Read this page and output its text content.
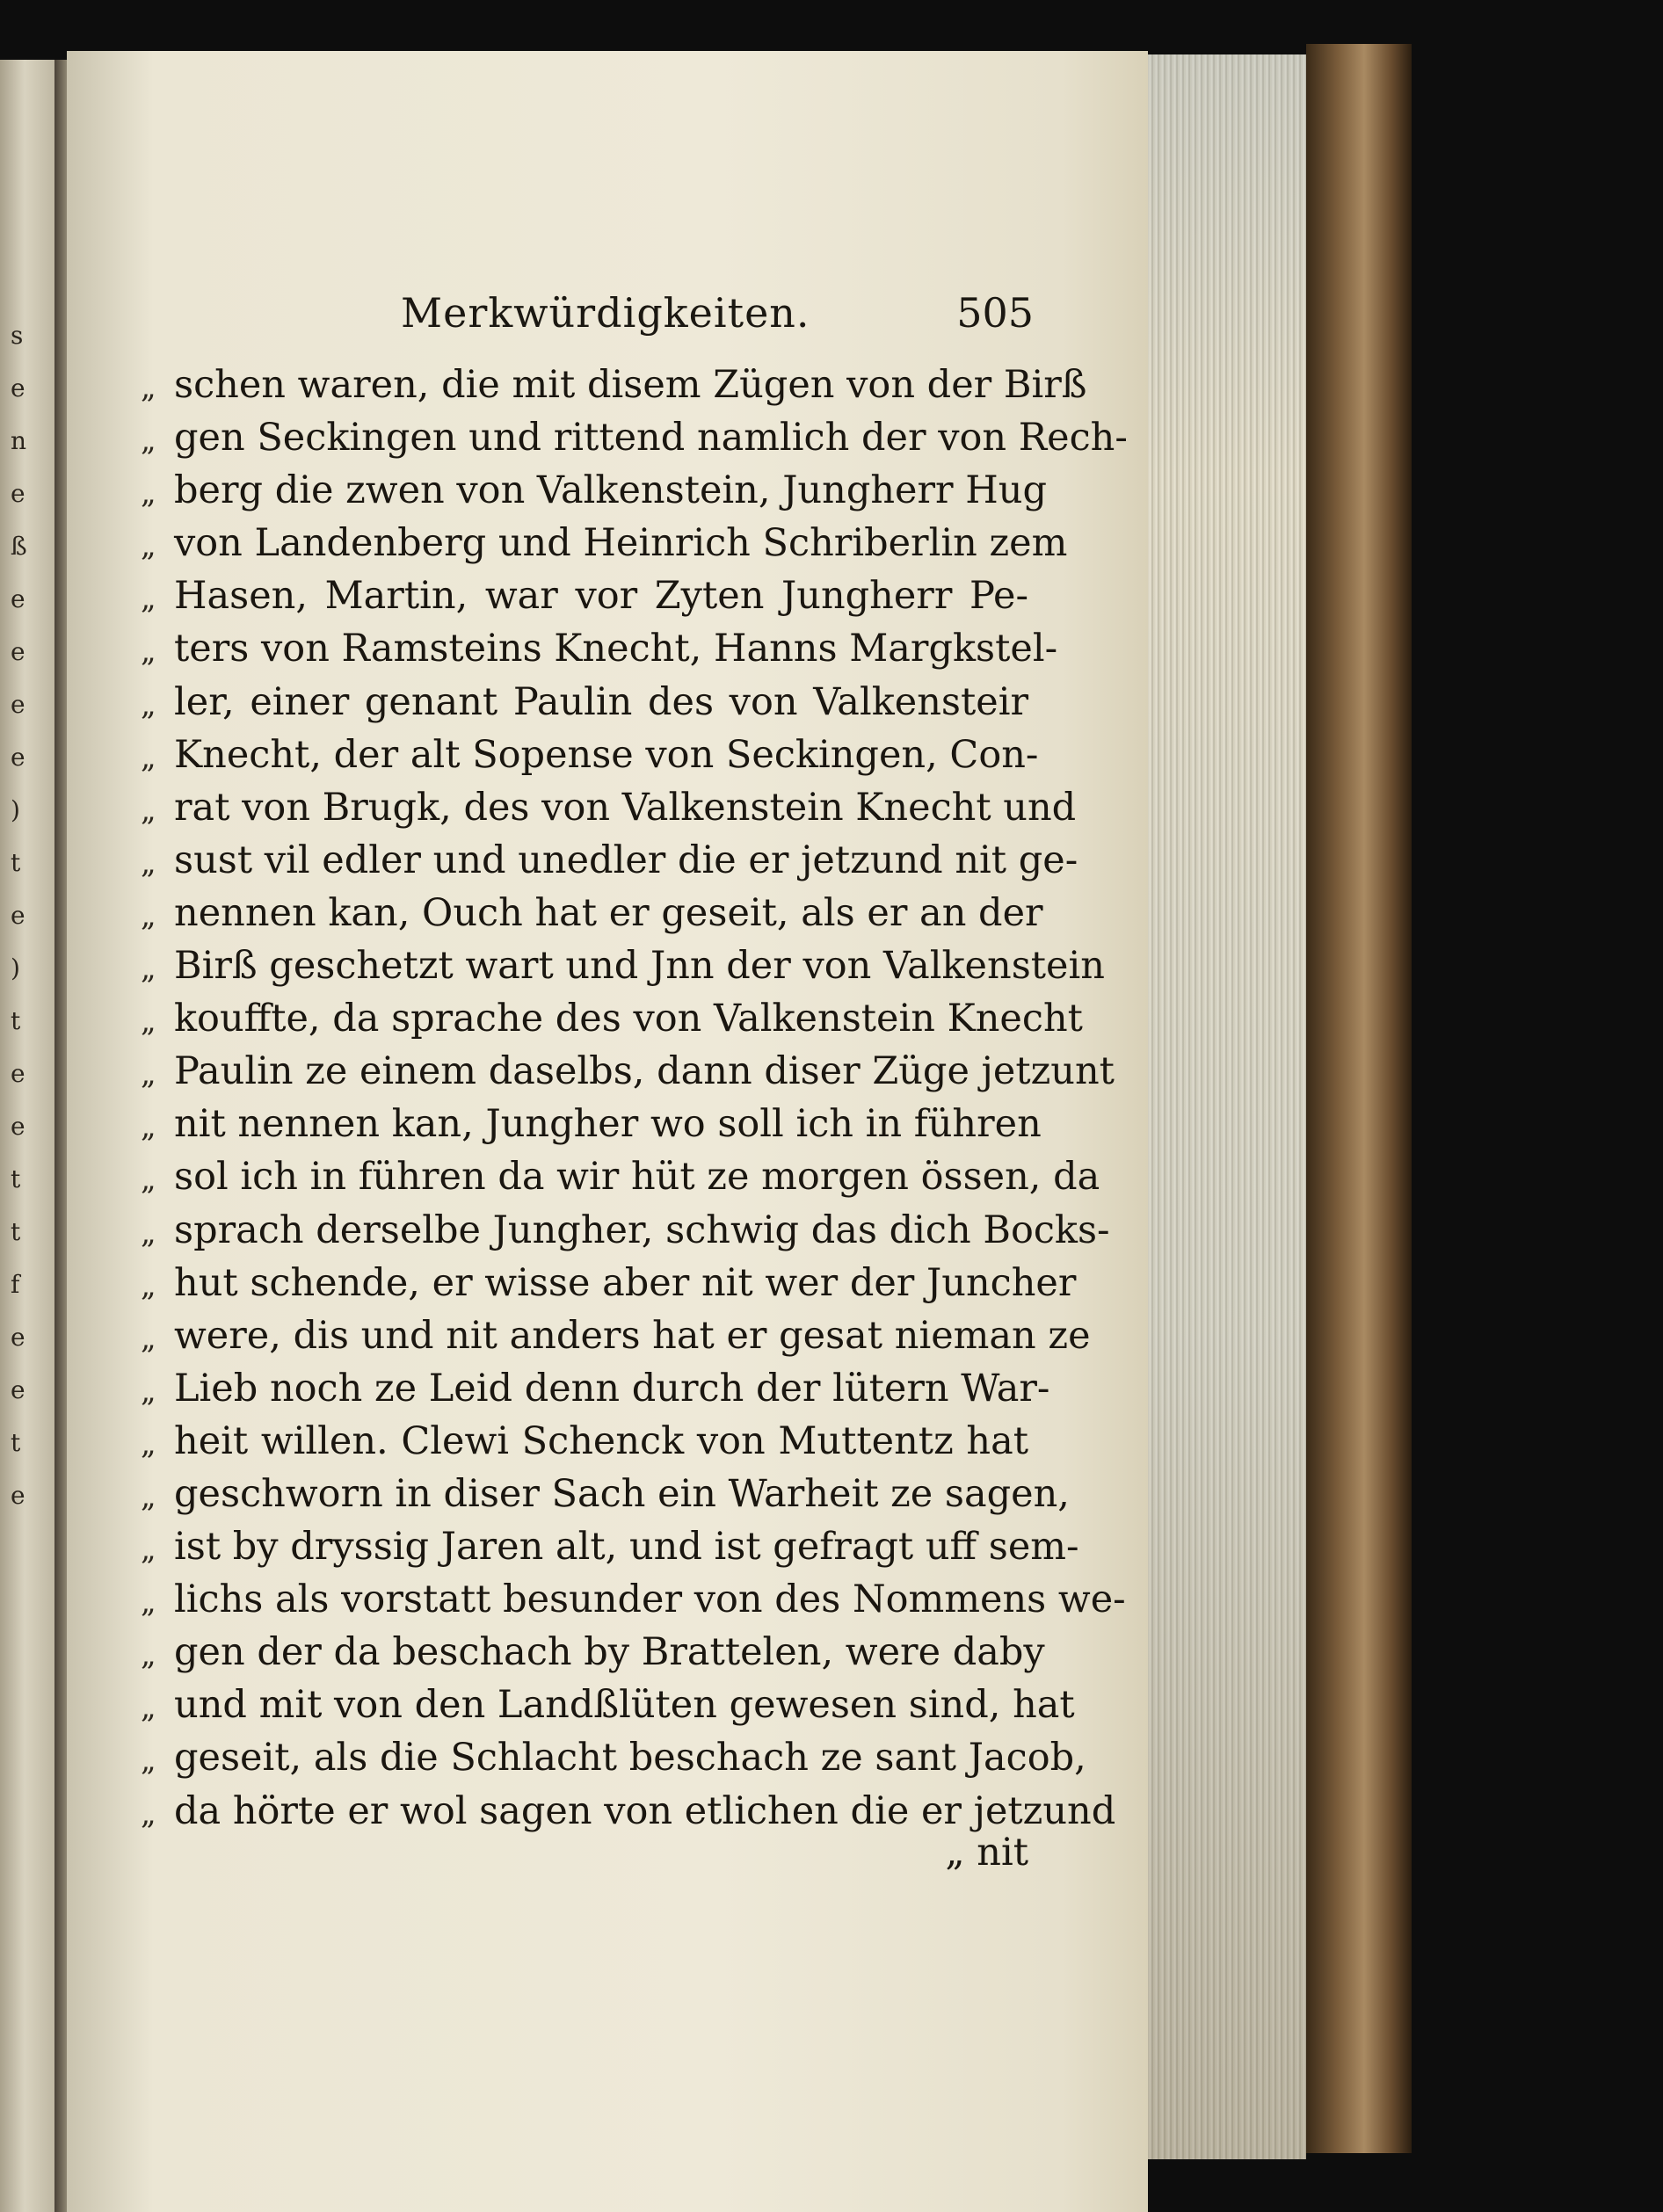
s
e
n
e
ß
e
e
e
e
)
t
e
)
t
e
e
t
t
f
e
e
t
e
Merkwürdigkeiten.	505
„ schen waren, die mit disem Zügen von der Birß
„ gen Seckingen und rittend namlich der von Rech-
„ berg die zwen von Valkenstein, Jungherr Hug
„ von Landenberg und Heinrich Schriberlin zem
„ Hasen, Martin, war vor Zyten Jungherr Pe-
„ ters von Ramsteins Knecht, Hanns Margkstel-
„ ler, einer genant Paulin des von Valkensteir
„ Knecht, der alt Sopense von Seckingen, Con-
„ rat von Brugk, des von Valkenstein Knecht und
„ sust vil edler und unedler die er jetzund nit ge-
„ nennen kan, Ouch hat er geseit, als er an der
„ Birß geschetzt wart und Jnn der von Valkenstein
„ kouffte, da sprache des von Valkenstein Knecht
„ Paulin ze einem daselbs, dann diser Züge jetzunt
„ nit nennen kan, Jungher wo soll ich in führen
„ sol ich in führen da wir hüt ze morgen össen, da
„ sprach derselbe Jungher, schwig das dich Bocks-
„ hut schende, er wisse aber nit wer der Juncher
„ were, dis und nit anders hat er gesat nieman ze
„ Lieb noch ze Leid denn durch der lütern War-
„ heit willen. Clewi Schenck von Muttentz hat
„ geschworn in diser Sach ein Warheit ze sagen,
„ ist by dryssig Jaren alt, und ist gefragt uff sem-
„ lichs als vorstatt besunder von des Nommens we-
„ gen der da beschach by Brattelen, were daby
„ und mit von den Landßlüten gewesen sind, hat
„ geseit, als die Schlacht beschach ze sant Jacob,
„ da hörte er wol sagen von etlichen die er jetzund
„ nit
